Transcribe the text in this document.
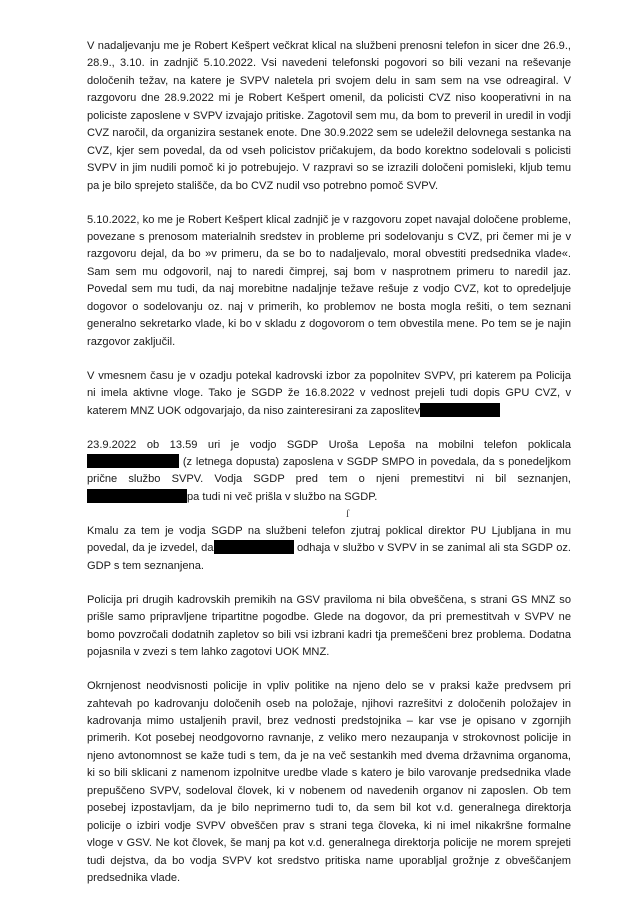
V nadaljevanju me je Robert Kešpert večkrat klical na službeni prenosni telefon in sicer dne 26.9., 28.9., 3.10. in zadnjič 5.10.2022. Vsi navedeni telefonski pogovori so bili vezani na reševanje določenih težav, na katere je SVPV naletela pri svojem delu in sam sem na vse odreagiral. V razgovoru dne 28.9.2022 mi je Robert Kešpert omenil, da policisti CVZ niso kooperativni in na policiste zaposlene v SVPV izvajajo pritiske. Zagotovil sem mu, da bom to preveril in uredil in vodji CVZ naročil, da organizira sestanek enote. Dne 30.9.2022 sem se udeležil delovnega sestanka na CVZ, kjer sem povedal, da od vseh policistov pričakujem, da bodo korektno sodelovali s policisti SVPV in jim nudili pomoč ki jo potrebujejo. V razpravi so se izrazili določeni pomisleki, kljub temu pa je bilo sprejeto stališče, da bo CVZ nudil vso potrebno pomoč SVPV.

5.10.2022, ko me je Robert Kešpert klical zadnjič je v razgovoru zopet navajal določene probleme, povezane s prenosom materialnih sredstev in probleme pri sodelovanju s CVZ, pri čemer mi je v razgovoru dejal, da bo »v primeru, da se bo to nadaljevalo, moral obvestiti predsednika vlade«. Sam sem mu odgovoril, naj to naredi čimprej, saj bom v nasprotnem primeru to naredil jaz. Povedal sem mu tudi, da naj morebitne nadaljnje težave rešuje z vodjo CVZ, kot to opredeljuje dogovor o sodelovanju oz. naj v primerih, ko problemov ne bosta mogla rešiti, o tem seznani generalno sekretarko vlade, ki bo v skladu z dogovorom o tem obvestila mene. Po tem se je najin razgovor zaključil.

V vmesnem času je v ozadju potekal kadrovski izbor za popolnitev SVPV, pri katerem pa Policija ni imela aktivne vloge. Tako je SGDP že 16.8.2022 v vednost prejeli tudi dopis GPU CVZ, v katerem MNZ UOK odgovarjajo, da niso zainteresirani za zaposlitev

23.9.2022 ob 13.59 uri je vodjo SGDP Uroša Lepoša na mobilni telefon poklicala  (z letnega dopusta) zaposlena v SGDP SMPO in povedala, da s ponedeljkom prične službo SVPV. Vodja SGDP pred tem o njeni premestitvi ni bil seznanjen, pa tudi ni več prišla v službo na SGDP.

Kmalu za tem je vodja SGDP na službeni telefon zjutraj poklical direktor PU Ljubljana in mu povedal, da je izvedel, da	odhaja v službo v SVPV in se zanimal ali sta SGDP oz. GDP s tem seznanjena.

Policija pri drugih kadrovskih premikih na GSV praviloma ni bila obveščena, s strani GS MNZ so prišle samo pripravljene tripartitne pogodbe. Glede na dogovor, da pri premestitvah v SVPV ne bomo povzročali dodatnih zapletov so bili vsi izbrani kadri tja premeščeni brez problema. Dodatna pojasnila v zvezi s tem lahko zagotovi UOK MNZ.

Okrnjenost neodvisnosti policije in vpliv politike na njeno delo se v praksi kaže predvsem pri zahtevah po kadrovanju določenih oseb na položaje, njihovi razrešitvi z določenih položajev in kadrovanja mimo ustaljenih pravil, brez vednosti predstojnika – kar vse je opisano v zgornjih primerih. Kot posebej neodgovorno ravnanje, z veliko mero nezaupanja v strokovnost policije in njeno avtonomnost se kaže tudi s tem, da je na več sestankih med dvema državnima organoma, ki so bili sklicani z namenom izpolnitve uredbe vlade s katero je bilo varovanje predsednika vlade prepuščeno SVPV, sodeloval človek, ki v nobenem od navedenih organov ni zaposlen. Ob tem posebej izpostavljam, da je bilo neprimerno tudi to, da sem bil kot v.d. generalnega direktorja policije o izbiri vodje SVPV obveščen prav s strani tega človeka, ki ni imel nikakršne formalne vloge v GSV. Ne kot človek, še manj pa kot v.d. generalnega direktorja policije ne morem sprejeti tudi dejstva, da bo vodja SVPV kot sredstvo pritiska name uporabljal grožnje z obveščanjem predsednika vlade.

ſ
